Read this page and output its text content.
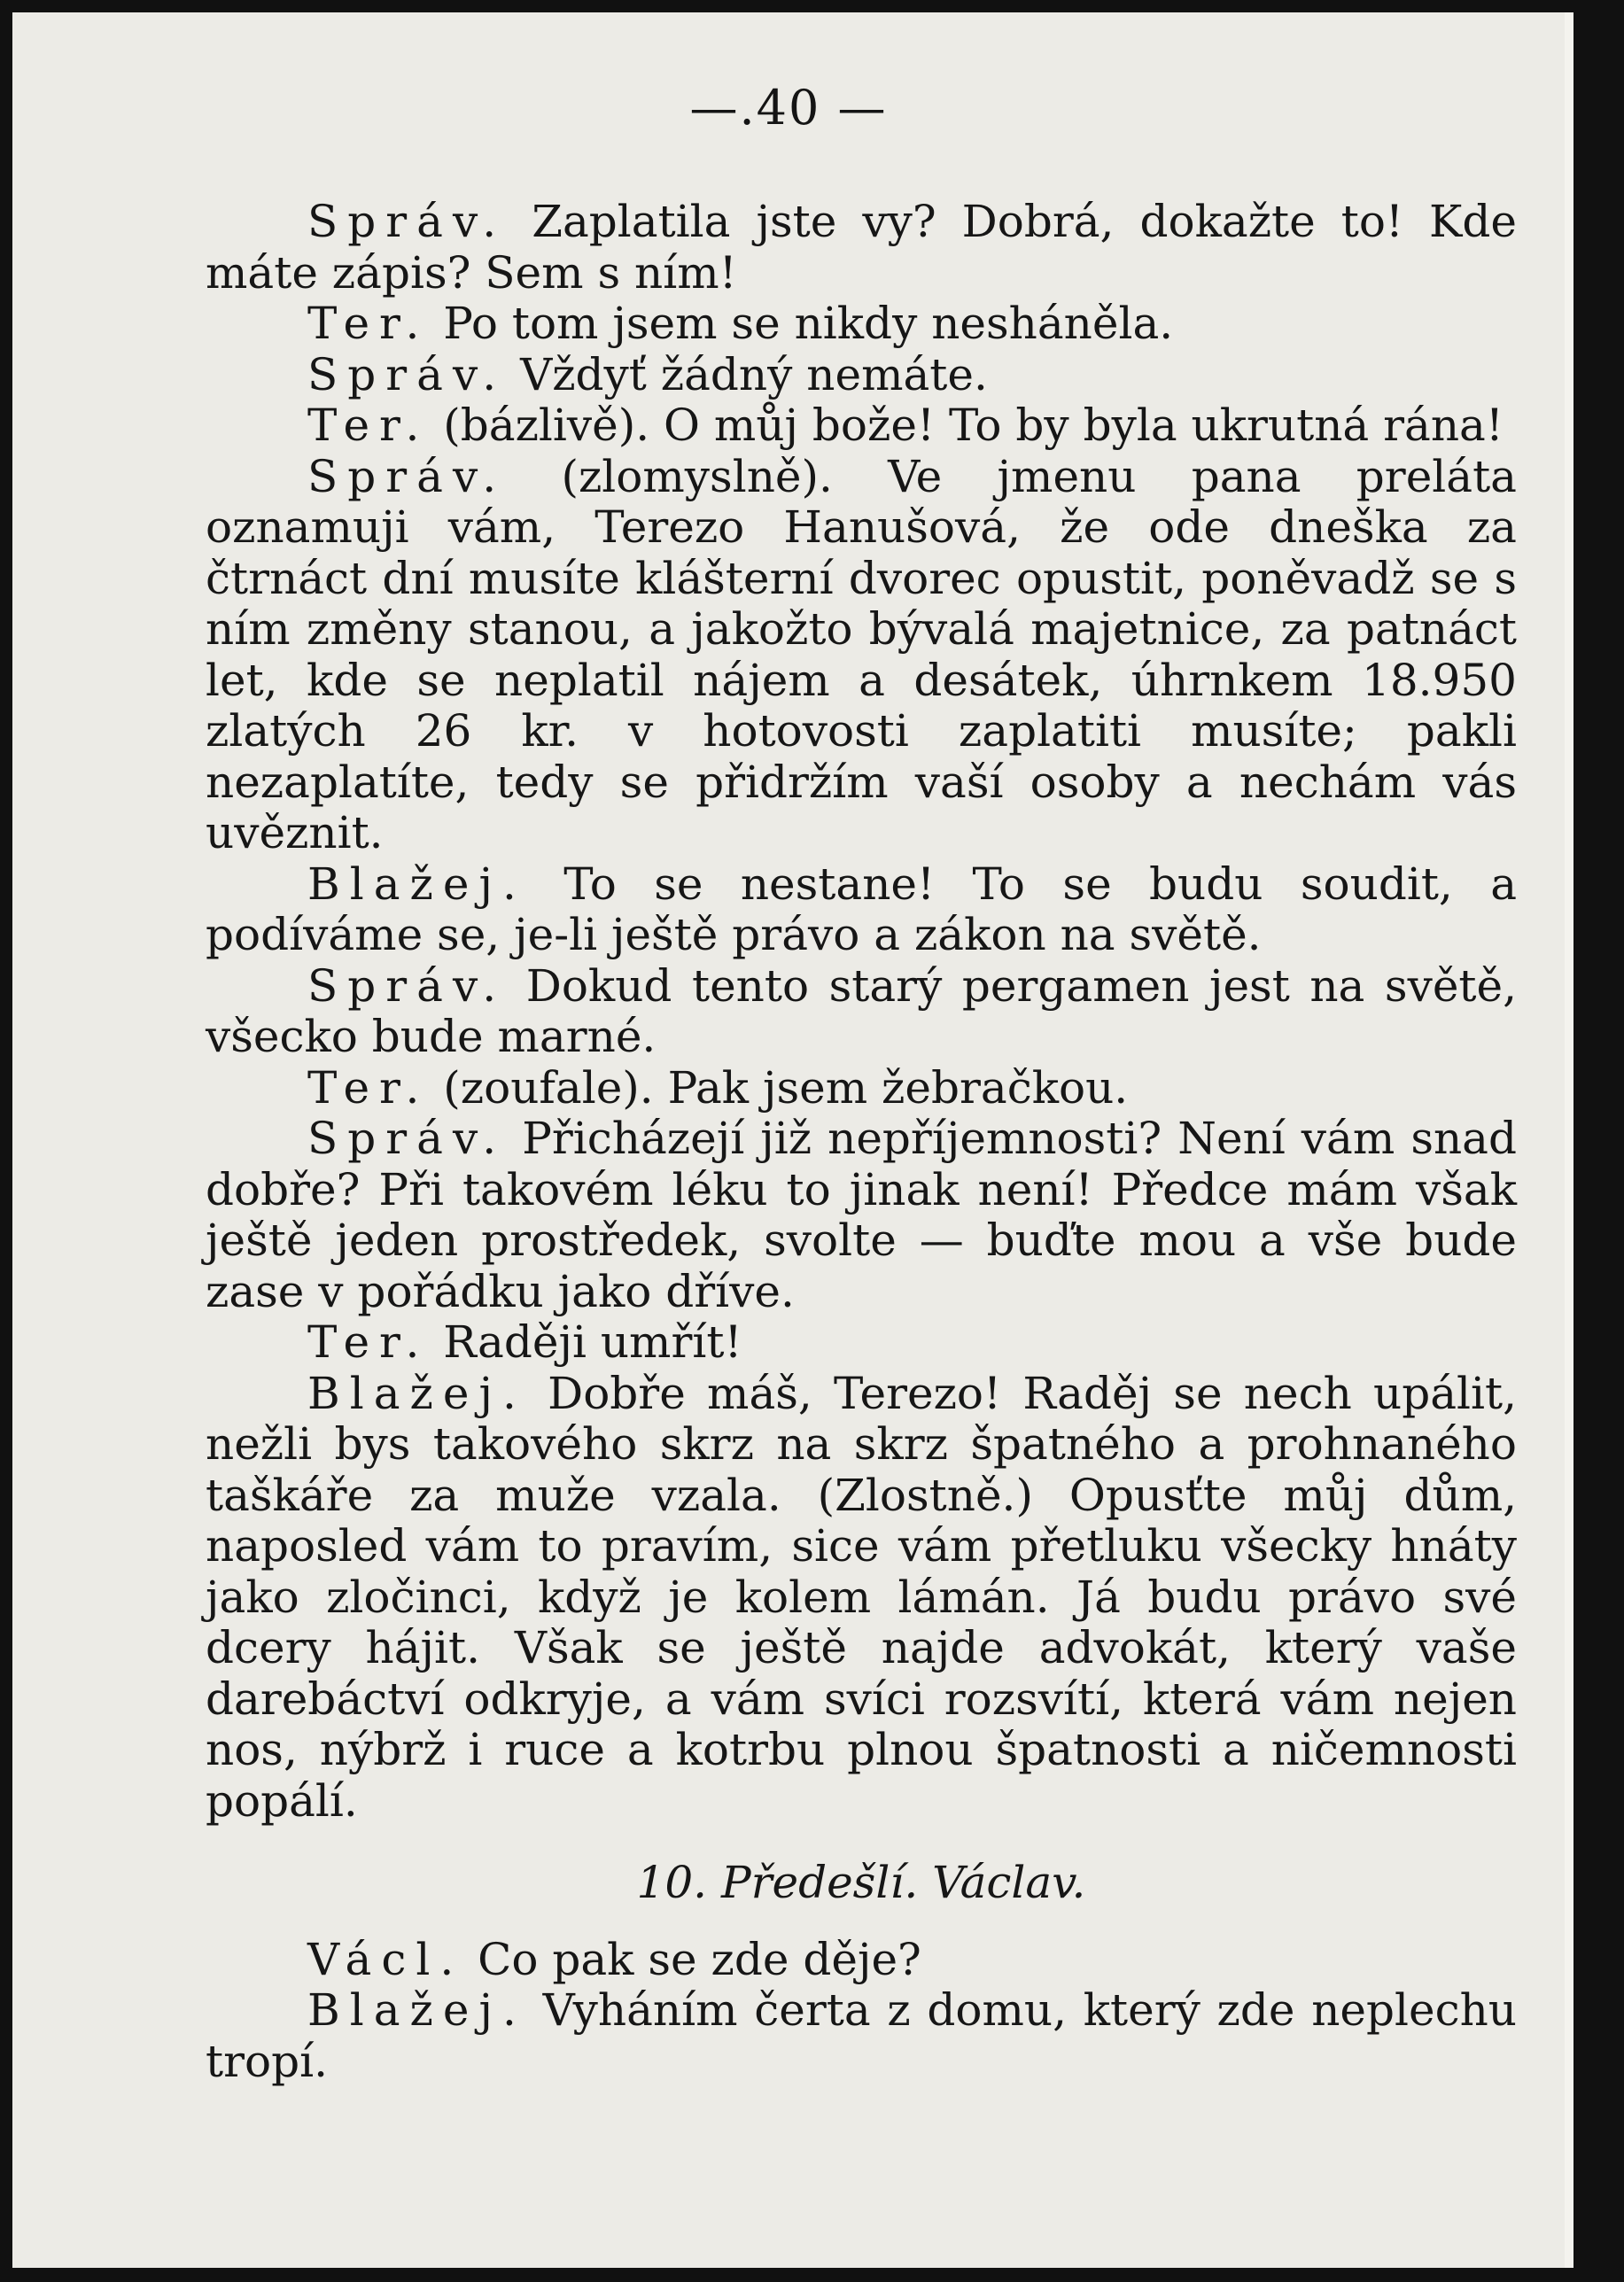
—.40 —

Správ. Zaplatila jste vy? Dobrá, dokažte to! Kde máte zápis? Sem s ním!

Ter. Po tom jsem se nikdy nesháněla.

Správ. Vždyť žádný nemáte.

Ter. (bázlivě). O můj bože! To by byla ukrutná rána!

Správ. (zlomyslně). Ve jmenu pana preláta oznamuji vám, Terezo Hanušová, že ode dneška za čtrnáct dní musíte klášterní dvorec opustit, poněvadž se s ním změny stanou, a jakožto bývalá majetnice, za patnáct let, kde se neplatil nájem a desátek, úhrnkem 18.950 zlatých 26 kr. v hotovosti zaplatiti musíte; pakli nezaplatíte, tedy se přidržím vaší osoby a nechám vás uvěznit.

Blažej. To se nestane! To se budu soudit, a podíváme se, je-li ještě právo a zákon na světě.

Správ. Dokud tento starý pergamen jest na světě, všecko bude marné.

Ter. (zoufale). Pak jsem žebračkou.

Správ. Přicházejí již nepříjemnosti? Není vám snad dobře? Při takovém léku to jinak není! Předce mám však ještě jeden prostředek, svolte — buďte mou a vše bude zase v pořádku jako dříve.

Ter. Raději umřít!

Blažej. Dobře máš, Terezo! Raděj se nech upálit, nežli bys takového skrz na skrz špatného a prohnaného taškáře za muže vzala. (Zlostně.) Opusťte můj dům, naposled vám to pravím, sice vám přetluku všecky hnáty jako zločinci, když je kolem lámán. Já budu právo své dcery hájit. Však se ještě najde advokát, který vaše darebáctví odkryje, a vám svíci rozsvítí, která vám nejen nos, nýbrž i ruce a kotrbu plnou špatnosti a ničemnosti popálí.

10. Předešlí. Václav.

Václ. Co pak se zde děje?

Blažej. Vyháním čerta z domu, který zde neplechu tropí.
